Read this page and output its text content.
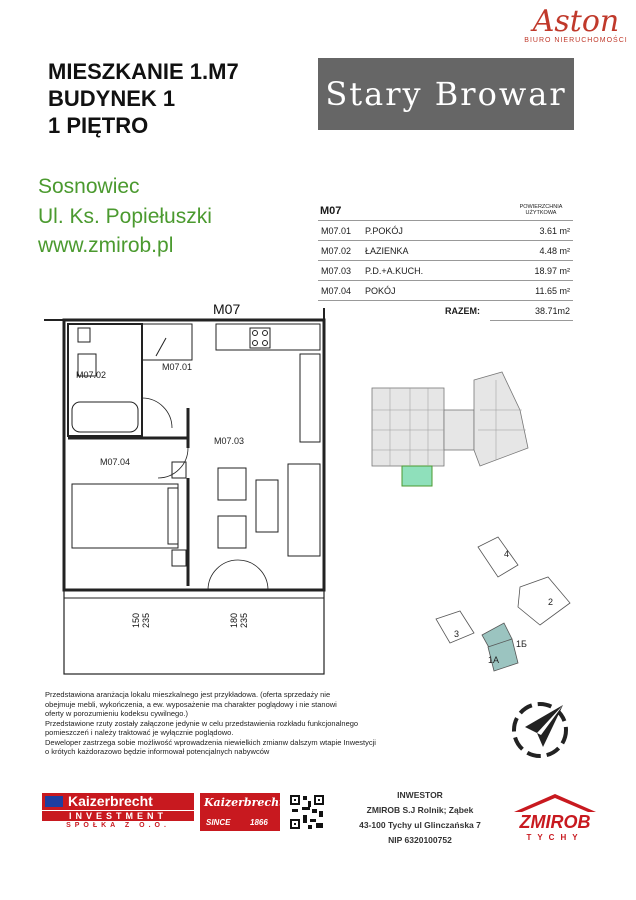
MIESZKANIE 1.M7
BUDYNEK 1
1 PIĘTRO
Stary Browar
Aston
BIURO NIERUCHOMOŚCI
Sosnowiec
Ul. Ks. Popiełuszki
www.zmirob.pl
M07	POWIERZCHNIA
UŻYTKOWA
M07.01	P.POKÓJ	3.61 m²
M07.02	ŁAZIENKA	4.48 m²
M07.03	P.D.+A.KUCH.	18.97 m²
M07.04	POKÓJ	11.65 m²
	RAZEM:	38.71m2
M07
M07.01
M07.02
M07.03
M07.04
150 235	180 235
4
2
3
1Б
1A
Przedstawiona aranżacja lokalu mieszkalnego jest przykładowa. (oferta sprzedaży nie
obejmuje mebli, wykończenia, a ew. wyposażenie ma charakter poglądowy i nie stanowi
oferty w porozumieniu kodeksu cywilnego.)
Przedstawione rzuty zostały załączone jedynie w celu przedstawienia rozkładu funkcjonalnego
pomieszczeń i należy traktować je wyłącznie poglądowo.
Deweloper zastrzega sobie możliwość wprowadzenia niewielkich zmianw dalszym wtapie Inwestycji
o krótych każdorazowo będzie informował potencjalnych nabywców
Kaizerbrecht
INVESTMENT
SPÓŁKA Z O.O.
Kaizerbrecht
SINCE 1866
INWESTOR
ZMIROB S.J Rolnik; Ząbek
43-100 Tychy ul Glinczańska 7
NIP 6320100752
ZMIROB
TYCHY
